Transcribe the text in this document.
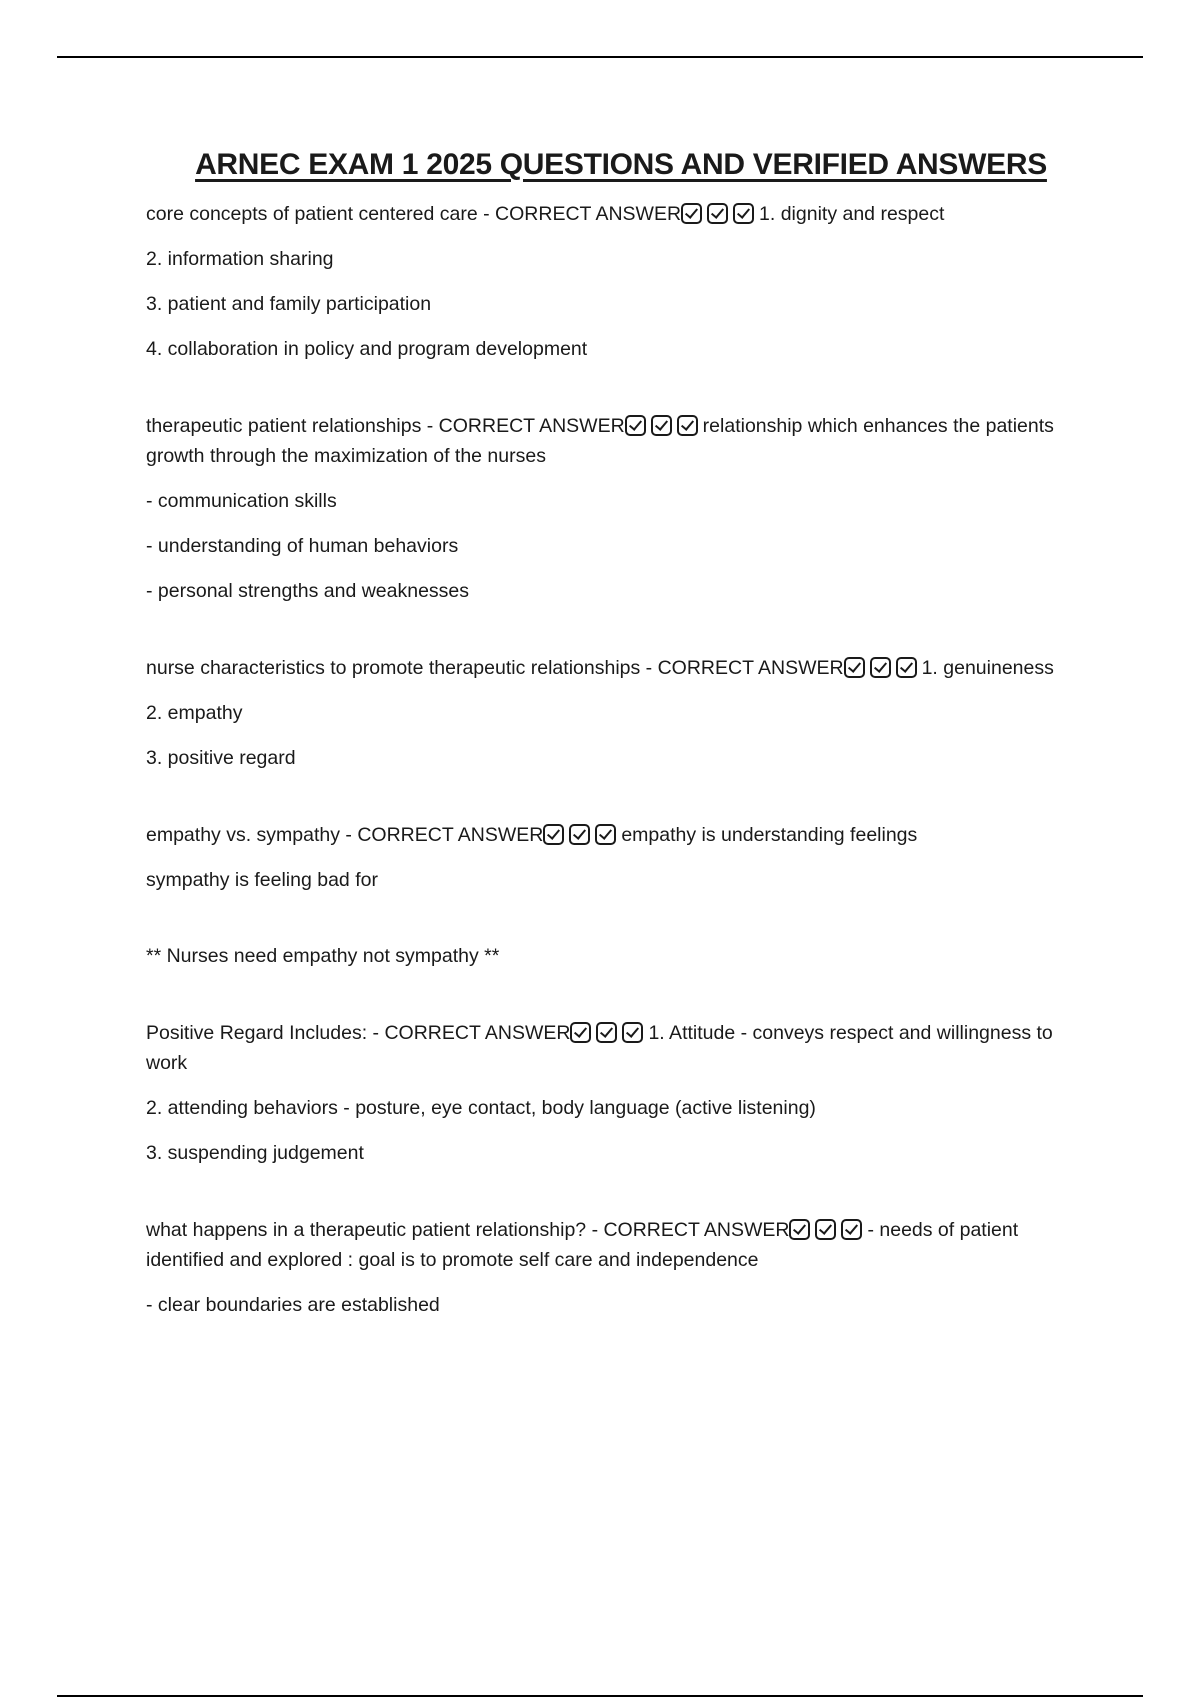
ARNEC EXAM 1 2025 QUESTIONS AND VERIFIED ANSWERS
core concepts of patient centered care - CORRECT ANSWER	1. dignity and respect
2. information sharing
3. patient and family participation
4. collaboration in policy and program development
therapeutic patient relationships - CORRECT ANSWER	relationship which enhances the patients growth through the maximization of the nurses
- communication skills
- understanding of human behaviors
- personal strengths and weaknesses
nurse characteristics to promote therapeutic relationships - CORRECT ANSWER	1. genuineness
2. empathy
3. positive regard
empathy vs. sympathy - CORRECT ANSWER	empathy is understanding feelings
sympathy is feeling bad for
** Nurses need empathy not sympathy **
Positive Regard Includes: - CORRECT ANSWER	1. Attitude - conveys respect and willingness to work
2. attending behaviors - posture, eye contact, body language (active listening)
3. suspending judgement
what happens in a therapeutic patient relationship? - CORRECT ANSWER	- needs of patient identified and explored : goal is to promote self care and independence
- clear boundaries are established
